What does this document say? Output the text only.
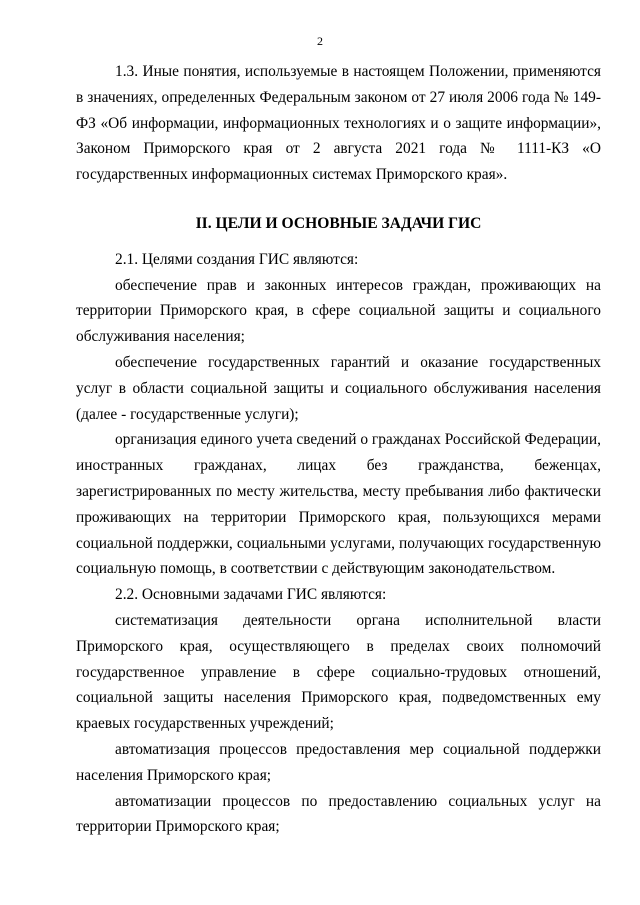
2

1.3. Иные понятия, используемые в настоящем Положении, применяются в значениях, определенных Федеральным законом от 27 июля 2006 года № 149-ФЗ «Об информации, информационных технологиях и о защите информации», Законом Приморского края от 2 августа 2021 года № 1111-КЗ «О государственных информационных системах Приморского края».

II. ЦЕЛИ И ОСНОВНЫЕ ЗАДАЧИ ГИС

2.1. Целями создания ГИС являются:

обеспечение прав и законных интересов граждан, проживающих на территории Приморского края, в сфере социальной защиты и социального обслуживания населения;

обеспечение государственных гарантий и оказание государственных услуг в области социальной защиты и социального обслуживания населения (далее - государственные услуги);

организация единого учета сведений о гражданах Российской Федерации,

иностранных гражданах, лицах без гражданства, беженцах,

зарегистрированных по месту жительства, месту пребывания либо фактически проживающих на территории Приморского края, пользующихся мерами социальной поддержки, социальными услугами, получающих государственную социальную помощь, в соответствии с действующим законодательством.

2.2. Основными задачами ГИС являются:

систематизация деятельности органа исполнительной власти

Приморского края, осуществляющего в пределах своих полномочий государственное управление в сфере социально-трудовых отношений, социальной защиты населения Приморского края, подведомственных ему краевых государственных учреждений;

автоматизация процессов предоставления мер социальной поддержки населения Приморского края;

автоматизации процессов по предоставлению социальных услуг на территории Приморского края;
